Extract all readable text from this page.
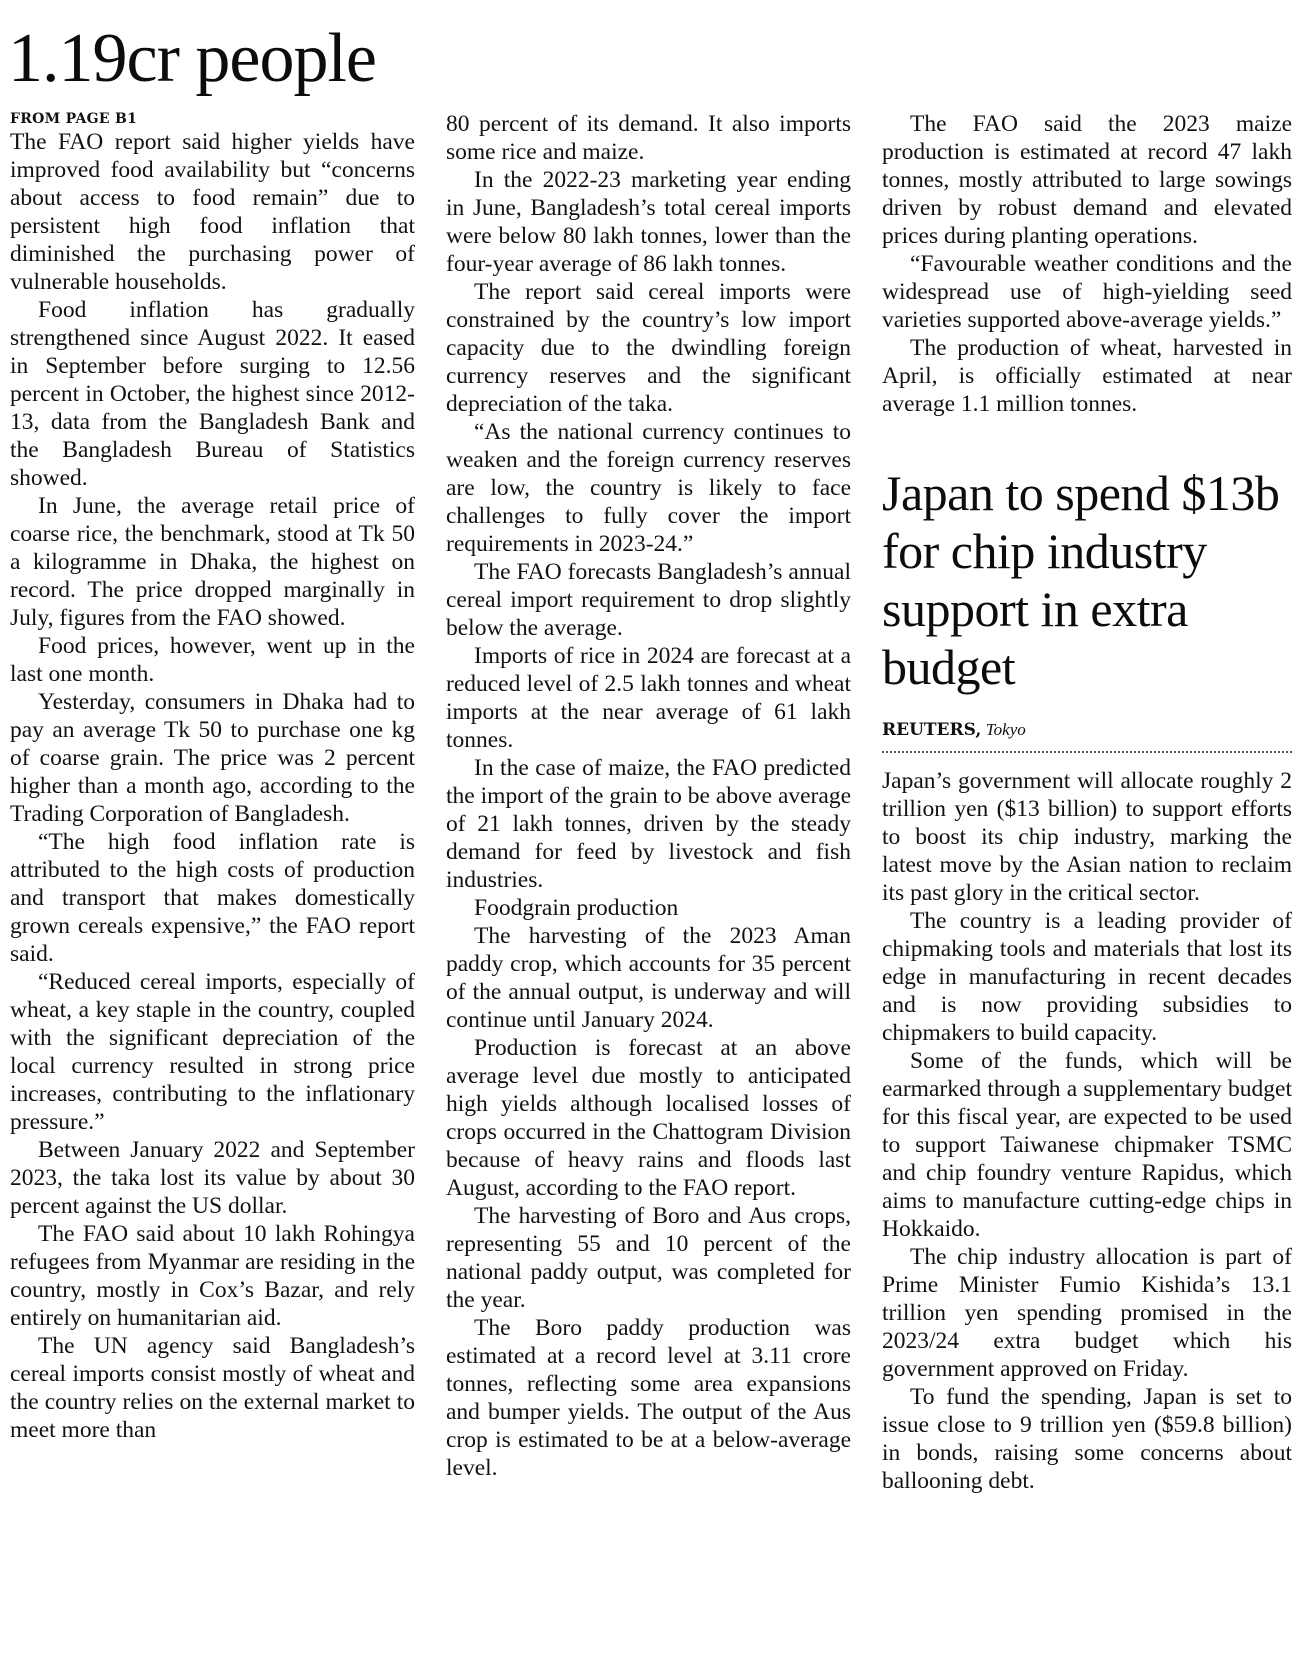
1.19cr people
FROM PAGE B1

The FAO report said higher yields have improved food availability but “concerns about access to food remain” due to persistent high food inflation that diminished the purchasing power of vulnerable households.

Food inflation has gradually strengthened since August 2022. It eased in September before surging to 12.56 percent in October, the highest since 2012-13, data from the Bangladesh Bank and the Bangladesh Bureau of Statistics showed.

In June, the average retail price of coarse rice, the benchmark, stood at Tk 50 a kilogramme in Dhaka, the highest on record. The price dropped marginally in July, figures from the FAO showed.

Food prices, however, went up in the last one month.

Yesterday, consumers in Dhaka had to pay an average Tk 50 to purchase one kg of coarse grain. The price was 2 percent higher than a month ago, according to the Trading Corporation of Bangladesh.

“The high food inflation rate is attributed to the high costs of production and transport that makes domestically grown cereals expensive,” the FAO report said.

“Reduced cereal imports, especially of wheat, a key staple in the country, coupled with the significant depreciation of the local currency resulted in strong price increases, contributing to the inflationary pressure.”

Between January 2022 and September 2023, the taka lost its value by about 30 percent against the US dollar.

The FAO said about 10 lakh Rohingya refugees from Myanmar are residing in the country, mostly in Cox’s Bazar, and rely entirely on humanitarian aid.

The UN agency said Bangladesh’s cereal imports consist mostly of wheat and the country relies on the external market to meet more than

80 percent of its demand. It also imports some rice and maize.

In the 2022-23 marketing year ending in June, Bangladesh’s total cereal imports were below 80 lakh tonnes, lower than the four-year average of 86 lakh tonnes.

The report said cereal imports were constrained by the country’s low import capacity due to the dwindling foreign currency reserves and the significant depreciation of the taka.

“As the national currency continues to weaken and the foreign currency reserves are low, the country is likely to face challenges to fully cover the import requirements in 2023-24.”

The FAO forecasts Bangladesh’s annual cereal import requirement to drop slightly below the average.

Imports of rice in 2024 are forecast at a reduced level of 2.5 lakh tonnes and wheat imports at the near average of 61 lakh tonnes.

In the case of maize, the FAO predicted the import of the grain to be above average of 21 lakh tonnes, driven by the steady demand for feed by livestock and fish industries.

Foodgrain production

The harvesting of the 2023 Aman paddy crop, which accounts for 35 percent of the annual output, is underway and will continue until January 2024.

Production is forecast at an above average level due mostly to anticipated high yields although localised losses of crops occurred in the Chattogram Division because of heavy rains and floods last August, according to the FAO report.

The harvesting of Boro and Aus crops, representing 55 and 10 percent of the national paddy output, was completed for the year.

The Boro paddy production was estimated at a record level at 3.11 crore tonnes, reflecting some area expansions and bumper yields. The output of the Aus crop is estimated to be at a below-average level.

The FAO said the 2023 maize production is estimated at record 47 lakh tonnes, mostly attributed to large sowings driven by robust demand and elevated prices during planting operations.

“Favourable weather conditions and the widespread use of high-yielding seed varieties supported above-average yields.”

The production of wheat, harvested in April, is officially estimated at near average 1.1 million tonnes.

Japan to spend $13b for chip industry support in extra budget
REUTERS, Tokyo

Japan’s government will allocate roughly 2 trillion yen ($13 billion) to support efforts to boost its chip industry, marking the latest move by the Asian nation to reclaim its past glory in the critical sector.

The country is a leading provider of chipmaking tools and materials that lost its edge in manufacturing in recent decades and is now providing subsidies to chipmakers to build capacity.

Some of the funds, which will be earmarked through a supplementary budget for this fiscal year, are expected to be used to support Taiwanese chipmaker TSMC and chip foundry venture Rapidus, which aims to manufacture cutting-edge chips in Hokkaido.

The chip industry allocation is part of Prime Minister Fumio Kishida’s 13.1 trillion yen spending promised in the 2023/24 extra budget which his government approved on Friday.

To fund the spending, Japan is set to issue close to 9 trillion yen ($59.8 billion) in bonds, raising some concerns about ballooning debt.
